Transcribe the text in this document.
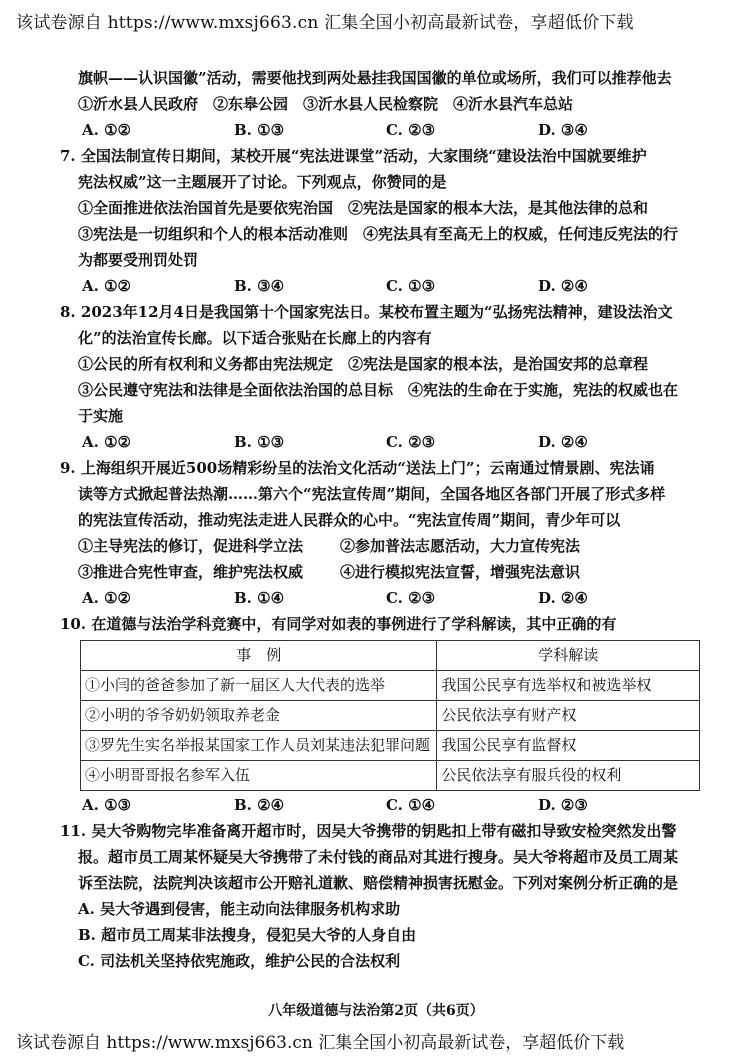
该试卷源自 https://www.mxsj663.cn 汇集全国小初高最新试卷，享超低价下载
旗帜——认识国徽”活动，需要他找到两处悬挂我国国徽的单位或场所，我们可以推荐他去
①沂水县人民政府　②东皋公园　③沂水县人民检察院　④沂水县汽车总站
A. ①②	B. ①③	C. ②③	D. ③④
7. 全国法制宣传日期间，某校开展“宪法进课堂”活动，大家围绕“建设法治中国就要维护
宪法权威”这一主题展开了讨论。下列观点，你赞同的是
①全面推进依法治国首先是要依宪治国　②宪法是国家的根本大法，是其他法律的总和
③宪法是一切组织和个人的根本活动准则　④宪法具有至高无上的权威，任何违反宪法的行
为都要受刑罚处罚
A. ①②	B. ③④	C. ①③	D. ②④
8. 2023年12月4日是我国第十个国家宪法日。某校布置主题为“弘扬宪法精神，建设法治文
化”的法治宣传长廊。以下适合张贴在长廊上的内容有
①公民的所有权利和义务都由宪法规定　②宪法是国家的根本法，是治国安邦的总章程
③公民遵守宪法和法律是全面依法治国的总目标　④宪法的生命在于实施，宪法的权威也在
于实施
A. ①②	B. ①③	C. ②③	D. ②④
9. 上海组织开展近500场精彩纷呈的法治文化活动“送法上门”；云南通过情景剧、宪法诵
读等方式掀起普法热潮……第六个“宪法宣传周”期间，全国各地区各部门开展了形式多样
的宪法宣传活动，推动宪法走进人民群众的心中。“宪法宣传周”期间，青少年可以
①主导宪法的修订，促进科学立法	②参加普法志愿活动，大力宣传宪法
③推进合宪性审查，维护宪法权威	④进行模拟宪法宣誓，增强宪法意识
A. ①②	B. ①④	C. ②③	D. ②④
10. 在道德与法治学科竞赛中，有同学对如表的事例进行了学科解读，其中正确的有
事　例	学科解读
①小闫的爸爸参加了新一届区人大代表的选举	我国公民享有选举权和被选举权
②小明的爷爷奶奶领取养老金	公民依法享有财产权
③罗先生实名举报某国家工作人员刘某违法犯罪问题	我国公民享有监督权
④小明哥哥报名参军入伍	公民依法享有服兵役的权利
A. ①③	B. ②④	C. ①④	D. ②③
11. 吴大爷购物完毕准备离开超市时，因吴大爷携带的钥匙扣上带有磁扣导致安检突然发出警
报。超市员工周某怀疑吴大爷携带了未付钱的商品对其进行搜身。吴大爷将超市及员工周某
诉至法院，法院判决该超市公开赔礼道歉、赔偿精神损害抚慰金。下列对案例分析正确的是
A. 吴大爷遇到侵害，能主动向法律服务机构求助
B. 超市员工周某非法搜身，侵犯吴大爷的人身自由
C. 司法机关坚持依宪施政，维护公民的合法权利
八年级道德与法治第2页（共6页）
该试卷源自 https://www.mxsj663.cn 汇集全国小初高最新试卷，享超低价下载
